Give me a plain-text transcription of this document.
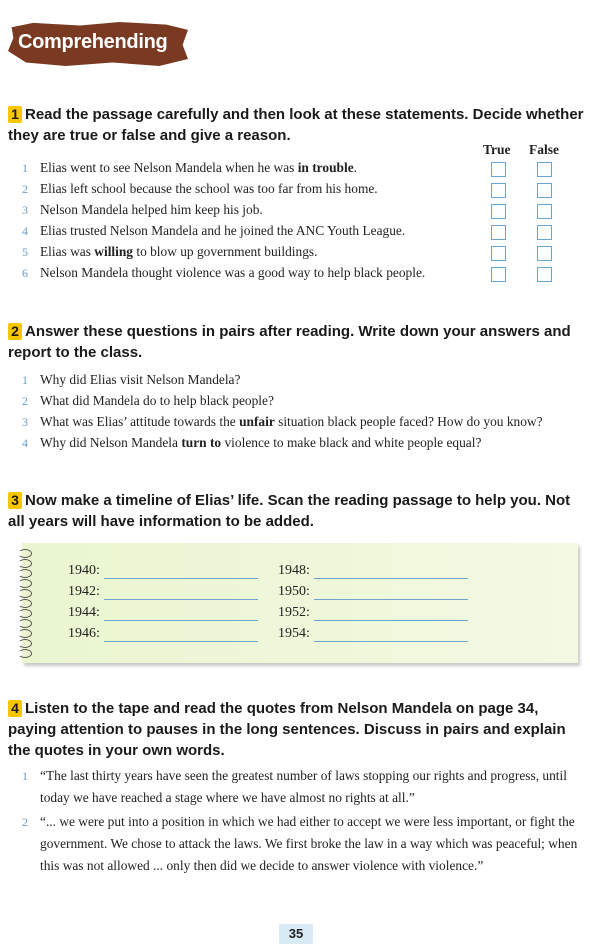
Comprehending
1 Read the passage carefully and then look at these statements. Decide whether they are true or false and give a reason.
True False
1 Elias went to see Nelson Mandela when he was in trouble.
2 Elias left school because the school was too far from his home.
3 Nelson Mandela helped him keep his job.
4 Elias trusted Nelson Mandela and he joined the ANC Youth League.
5 Elias was willing to blow up government buildings.
6 Nelson Mandela thought violence was a good way to help black people.
2 Answer these questions in pairs after reading. Write down your answers and report to the class.
1 Why did Elias visit Nelson Mandela?
2 What did Mandela do to help black people?
3 What was Elias’ attitude towards the unfair situation black people faced? How do you know?
4 Why did Nelson Mandela turn to violence to make black and white people equal?
3 Now make a timeline of Elias’ life. Scan the reading passage to help you. Not all years will have information to be added.
1940:
1942:
1944:
1946:
1948:
1950:
1952:
1954:
4 Listen to the tape and read the quotes from Nelson Mandela on page 34, paying attention to pauses in the long sentences. Discuss in pairs and explain the quotes in your own words.
1 “The last thirty years have seen the greatest number of laws stopping our rights and progress, until today we have reached a stage where we have almost no rights at all.”
2 “... we were put into a position in which we had either to accept we were less important, or fight the government. We chose to attack the laws. We first broke the law in a way which was peaceful; when this was not allowed ... only then did we decide to answer violence with violence.”
35
